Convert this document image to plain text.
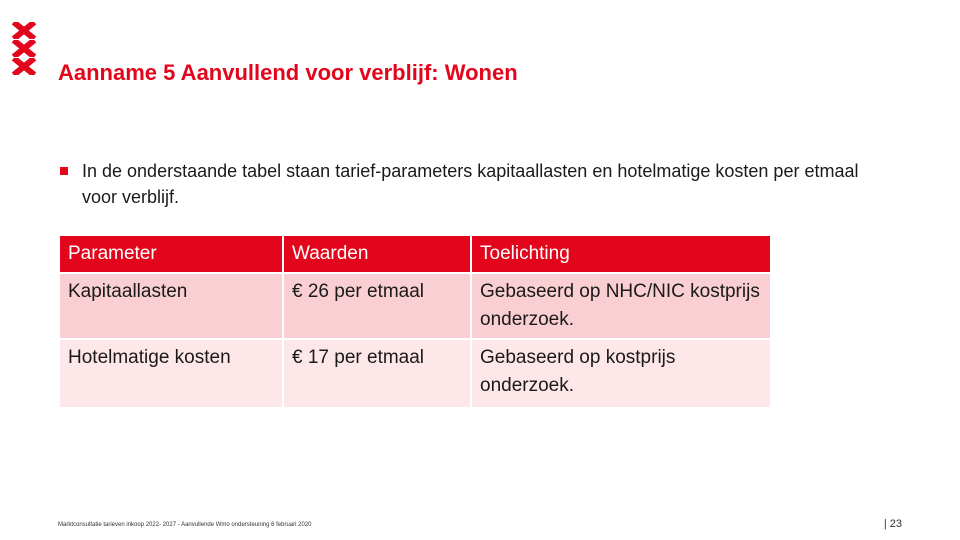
Aanname 5 Aanvullend voor verblijf: Wonen
In de onderstaande tabel staan tarief-parameters kapitaallasten en hotelmatige kosten per etmaal voor verblijf.
Parameter	Waarden	Toelichting
Kapitaallasten	€ 26 per etmaal	Gebaseerd op NHC/NIC kostprijs onderzoek.
Hotelmatige kosten	€ 17 per etmaal	Gebaseerd op kostprijs onderzoek.
Marktconsultatie tarieven inkoop 2022- 2027 - Aanvullende Wmo ondersteuning 6 februari 2020	| 23
